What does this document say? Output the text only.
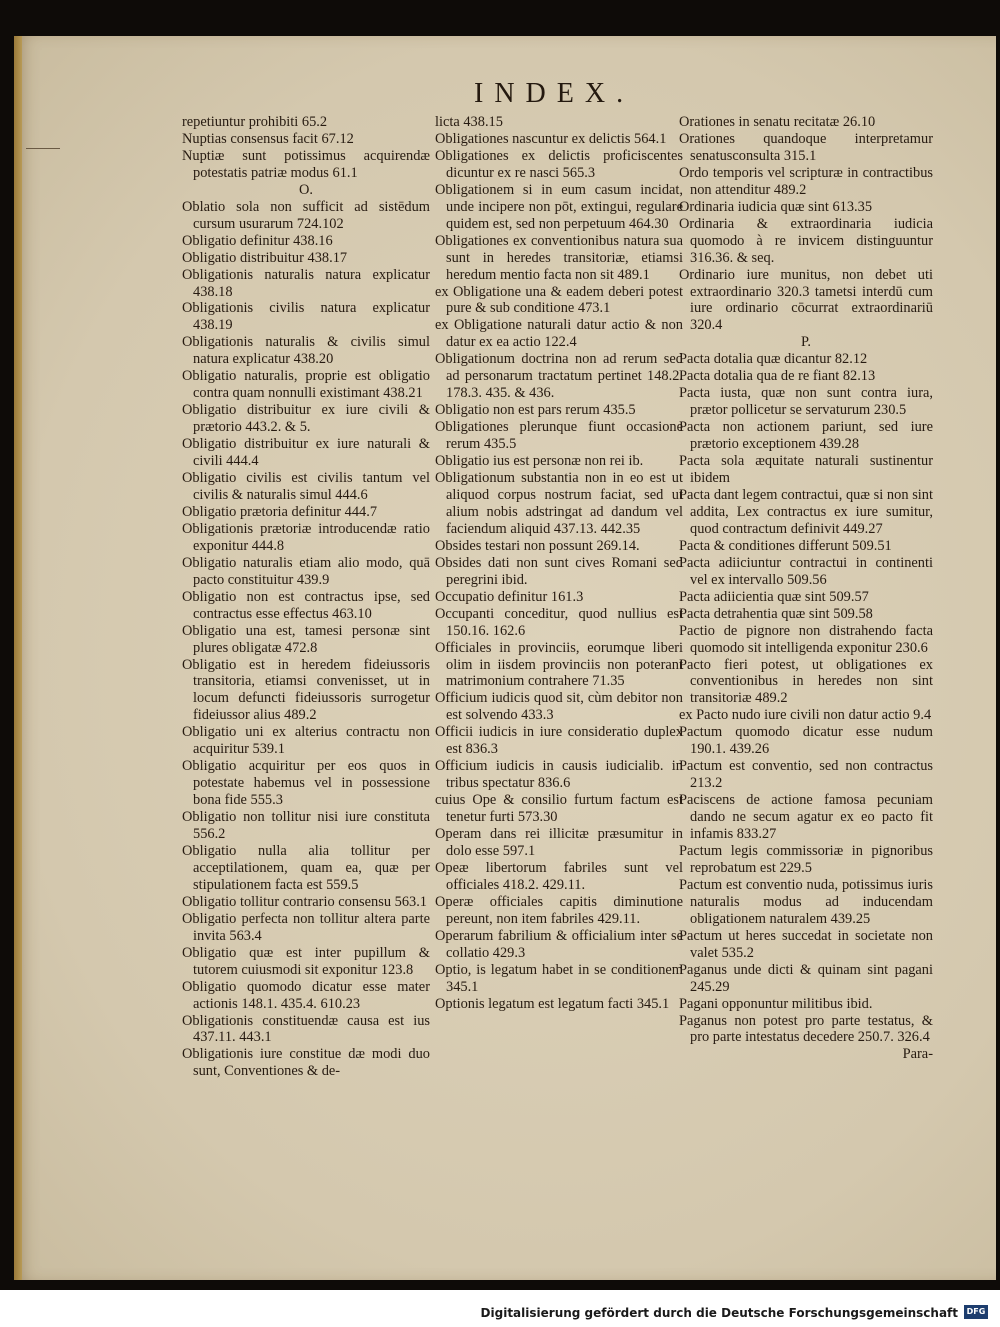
INDEX.
repetiuntur prohibiti 65.2
Nuptias consensus facit 67.12
Nuptiæ sunt potissimus acquirendæ potestatis patriæ modus 61.1
O.
Oblatio sola non sufficit ad sistēdum cursum usurarum 724.102
Obligatio definitur 438.16
Obligatio distribuitur 438.17
Obligationis naturalis natura explicatur 438.18
Obligationis civilis natura explicatur 438.19
Obligationis naturalis & civilis simul natura explicatur 438.20
Obligatio naturalis, proprie est obligatio contra quam nonnulli existimant 438.21
Obligatio distribuitur ex iure civili & prætorio 443.2. & 5.
Obligatio distribuitur ex iure naturali & civili 444.4
Obligatio civilis est civilis tantum vel civilis & naturalis simul 444.6
Obligatio prætoria definitur 444.7
Obligationis prætoriæ introducendæ ratio exponitur 444.8
Obligatio naturalis etiam alio modo, quā pacto constituitur 439.9
Obligatio non est contractus ipse, sed contractus esse effectus 463.10
Obligatio una est, tamesi personæ sint plures obligatæ 472.8
Obligatio est in heredem fideiussoris transitoria, etiamsi convenisset, ut in locum defuncti fideiussoris surrogetur fideiussor alius 489.2
Obligatio uni ex alterius contractu non acquiritur 539.1
Obligatio acquiritur per eos quos in potestate habemus vel in possessione bona fide 555.3
Obligatio non tollitur nisi iure constituta 556.2
Obligatio nulla alia tollitur per acceptilationem, quam ea, quæ per stipulationem facta est 559.5
Obligatio tollitur contrario consensu 563.1
Obligatio perfecta non tollitur altera parte invita 563.4
Obligatio quæ est inter pupillum & tutorem cuiusmodi sit exponitur 123.8
Obligatio quomodo dicatur esse mater actionis 148.1. 435.4. 610.23
Obligationis constituendæ causa est ius 437.11. 443.1
Obligationis iure constitue dæ modi duo sunt, Conventiones & de-
licta 438.15
Obligationes nascuntur ex delictis 564.1
Obligationes ex delictis proficiscentes dicuntur ex re nasci 565.3
Obligationem si in eum casum incidat, unde incipere non pōt, extingui, regulare quidem est, sed non perpetuum 464.30
Obligationes ex conventionibus natura sua sunt in heredes transitoriæ, etiamsi heredum mentio facta non sit 489.1
ex Obligatione una & eadem deberi potest pure & sub conditione 473.1
ex Obligatione naturali datur actio & non datur ex ea actio 122.4
Obligationum doctrina non ad rerum sed ad personarum tractatum pertinet 148.2. 178.3. 435. & 436.
Obligatio non est pars rerum 435.5
Obligationes plerunque fiunt occasione rerum 435.5
Obligatio ius est personæ non rei ib.
Obligationum substantia non in eo est ut aliquod corpus nostrum faciat, sed ut alium nobis adstringat ad dandum vel faciendum aliquid 437.13. 442.35
Obsides testari non possunt 269.14.
Obsides dati non sunt cives Romani sed peregrini ibid.
Occupatio definitur 161.3
Occupanti conceditur, quod nullius est 150.16. 162.6
Officiales in provinciis, eorumque liberi olim in iisdem provinciis non poterant matrimonium contrahere 71.35
Officium iudicis quod sit, cùm debitor non est solvendo 433.3
Officii iudicis in iure consideratio duplex est 836.3
Officium iudicis in causis iudicialib. in tribus spectatur 836.6
cuius Ope & consilio furtum factum est tenetur furti 573.30
Operam dans rei illicitæ præsumitur in dolo esse 597.1
Opeæ libertorum fabriles sunt vel officiales 418.2. 429.11.
Operæ officiales capitis diminutione pereunt, non item fabriles 429.11.
Operarum fabrilium & officialium inter se collatio 429.3
Optio, is legatum habet in se conditionem 345.1
Optionis legatum est legatum facti 345.1
Orationes in senatu recitatæ 26.10
Orationes quandoque interpretamur senatusconsulta 315.1
Ordo temporis vel scripturæ in contractibus non attenditur 489.2
Ordinaria iudicia quæ sint 613.35
Ordinaria & extraordinaria iudicia quomodo à re invicem distinguuntur 316.36. & seq.
Ordinario iure munitus, non debet uti extraordinario 320.3 tametsi interdū cum iure ordinario cōcurrat extraordinariū 320.4
P.
Pacta dotalia quæ dicantur 82.12
Pacta dotalia qua de re fiant 82.13
Pacta iusta, quæ non sunt contra iura, prætor pollicetur se servaturum 230.5
Pacta non actionem pariunt, sed iure prætorio exceptionem 439.28
Pacta sola æquitate naturali sustinentur ibidem
Pacta dant legem contractui, quæ si non sint addita, Lex contractus ex iure sumitur, quod contractum definivit 449.27
Pacta & conditiones differunt 509.51
Pacta adiiciuntur contractui in continenti vel ex intervallo 509.56
Pacta adiicientia quæ sint 509.57
Pacta detrahentia quæ sint 509.58
Pactio de pignore non distrahendo facta quomodo sit intelligenda exponitur 230.6
Pacto fieri potest, ut obligationes ex conventionibus in heredes non sint transitoriæ 489.2
ex Pacto nudo iure civili non datur actio 9.4
Pactum quomodo dicatur esse nudum 190.1. 439.26
Pactum est conventio, sed non contractus 213.2
Paciscens de actione famosa pecuniam dando ne secum agatur ex eo pacto fit infamis 833.27
Pactum legis commissoriæ in pignoribus reprobatum est 229.5
Pactum est conventio nuda, potissimus iuris naturalis modus ad inducendam obligationem naturalem 439.25
Pactum ut heres succedat in societate non valet 535.2
Paganus unde dicti & quinam sint pagani 245.29
Pagani opponuntur militibus ibid.
Paganus non potest pro parte testatus, & pro parte intestatus decedere 250.7. 326.4
Para-
Digitalisierung gefördert durch die Deutsche Forschungsgemeinschaft	DFG
